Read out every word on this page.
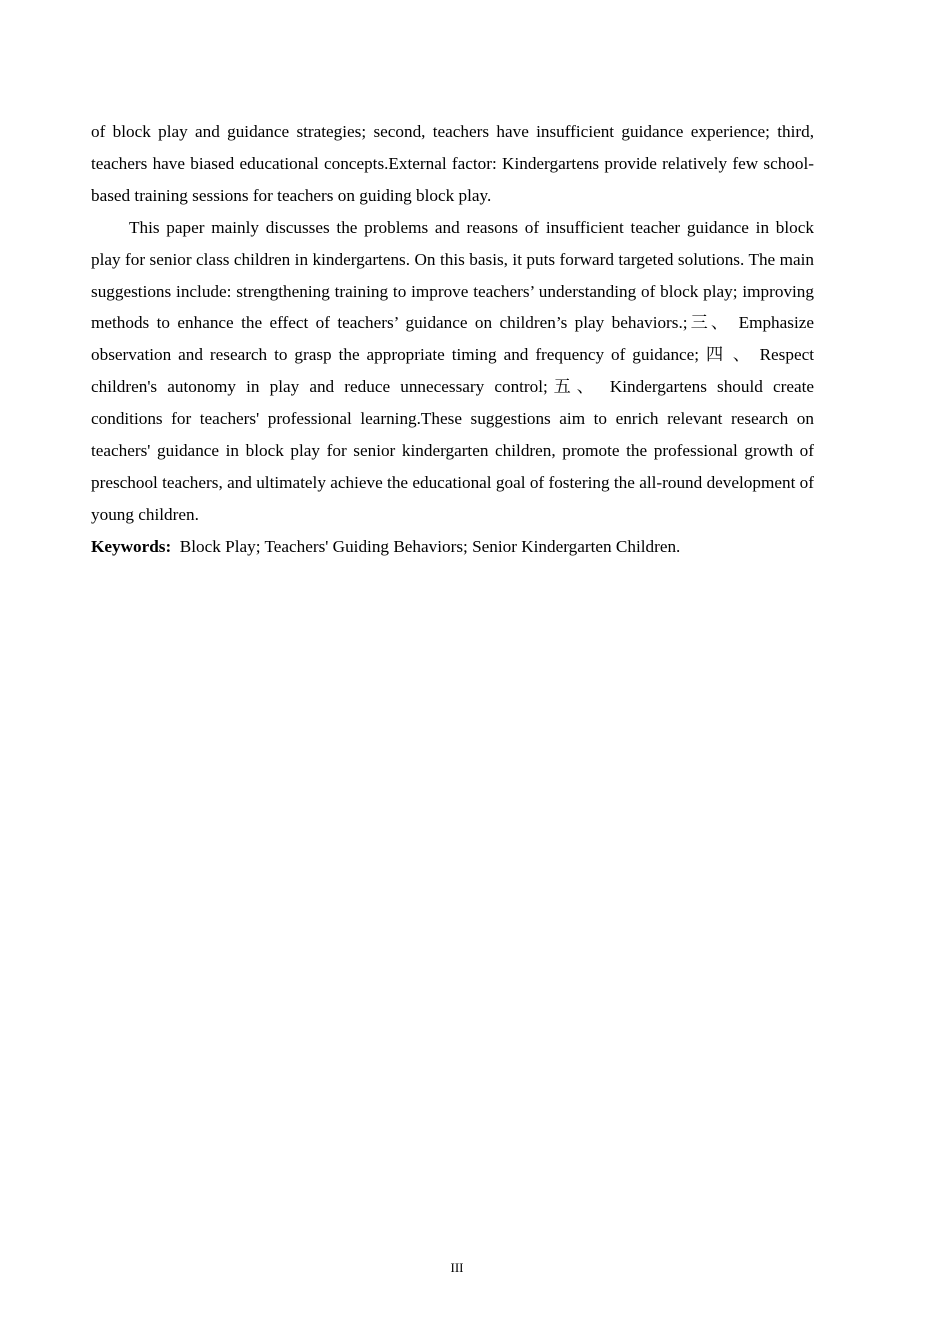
of block play and guidance strategies; second, teachers have insufficient guidance experience; third, teachers have biased educational concepts.External factor: Kindergartens provide relatively few school-based training sessions for teachers on guiding block play.

This paper mainly discusses the problems and reasons of insufficient teacher guidance in block play for senior class children in kindergartens. On this basis, it puts forward targeted solutions. The main suggestions include: strengthening training to improve teachers’ understanding of block play; improving methods to enhance the effect of teachers’ guidance on children’s play behaviors.;三、 Emphasize observation and research to grasp the appropriate timing and frequency of guidance; 四 、 Respect children's autonomy in play and reduce unnecessary control;五、 Kindergartens should create conditions for teachers' professional learning.These suggestions aim to enrich relevant research on teachers' guidance in block play for senior kindergarten children, promote the professional growth of preschool teachers, and ultimately achieve the educational goal of fostering the all-round development of young children.

Keywords: Block Play; Teachers' Guiding Behaviors; Senior Kindergarten Children.

III
